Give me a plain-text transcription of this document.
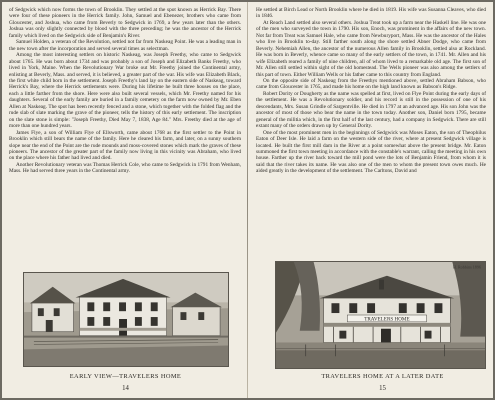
of Sedgwick which now forms the town of Brooklin. They settled at the spot known as Herrick Bay. There were four of these pioneers in the Herrick family. John, Samuel and Ebenezer, brothers who came from Gloucester, and Joshua, who came from Beverly to Sedgwick in 1769, a few years later than the others. Joshua was only slightly connected by blood with the three preceding; he was the ancestor of the Herrick family which lived on the Sedgwick side of Benjamin's River.

Samuel Holden, a veteran of the Revolution, settled not far from Naskeag Point. He was a leading man in the new town after the incorporation and served several times as selectman.

Among the most interesting settlers on historic Naskeag, was Joseph Freethy, who came to Sedgwick about 1765. He was born about 1734 and was probably a son of Joseph and Elizabeth Banks Freethy, who lived in York, Maine. When the Revolutionary War broke out Mr. Freethy joined the Continental army, enlisting at Beverly, Mass. and served, it is believed, a greater part of the war. His wife was Elizabeth Black, the first white child born in the settlement. Joseph Freethy's land lay on the eastern side of Naskeag, toward Herrick's Bay, where the Herrick settlements were. During his lifetime he built three houses on the place, each a little farther from the shore. Here were also built several vessels, which Mr. Freethy named for his daughters. Several of the early family are buried in a family cemetery on the farm now owned by Mr. Eben Allen at Naskeag. The spot has been recently fenced and a stone, which together with the folded flag and the rude slab of slate marking the grave of the pioneer, tells the history of this early settlement. The inscription on the slate stone is simple: "Joseph Freethy, Died May 7, 1838, Age 84." Mrs. Freethy died at the age of more than one hundred years.

James Flye, a son of William Flye of Ellsworth, came about 1768 as the first settler to the Point in Brooklin which still bears the name of the family. Here he cleared his farm, and later, on a sunny southern slope near the end of the Point are the rude mounds and moss-covered stones which mark the graves of these pioneers. The ancestor of the greater part of the family now living in this vicinity was Abraham, who lived on the place where his father had lived and died.

Another Revolutionary veteran was Thomas Herrick Cole, who came to Sedgwick in 1791 from Wenham, Mass. He had served three years in the Continental army.

EARLY VIEW—TRAVELERS HOME
14

He settled at Birch Lead or North Brooklin where he died in 1819. His wife was Susanna Cleaves, who died in 1846.

At Reach Land settled also several others. Joshua Treat took up a farm near the Haskell line. He was one of the men who surveyed the town in 1790. His son, Enoch, was prominent in the affairs of the new town. Not far from Treat was Samuel Hale, who came from Newburyport, Mass. He was the ancestor of the Hales who live in Brooklin to-day. Still farther south along the shore settled Abner Dodge, who came from Beverly. Nehemiah Allen, the ancestor of the numerous Allen family in Brooklin, settled also at Rockland. He was born in Beverly, whence came so many of the early settlers of the town, in 1741. Mr. Allen and his wife Elizabeth reared a family of nine children, all of whom lived to a remarkable old age. The first son of Mr. Allen still settled within sight of the old homestead. The Wells pioneer was also among the settlers of this part of town. Either William Wells or his father came to this country from England.

On the opposite side of Naskeag from the Freethys mentioned above, settled Abraham Babson, who came from Gloucester in 1765, and made his home on the high land known as Babson's Ridge.

Robert Dority or Dougherty as the name was spelled at first, lived on Flye Point during the early days of the settlement. He was a Revolutionary soldier, and his record is still in the possession of one of his descendants, Mrs. Susan Grindle of Sargentville. He died in 1797 at an advanced age. His son John was the ancestor of most of those who bear the name in the town today. Another son, Daniel born 1795, became general of the militia which, in the first half of the last century, had a company in Sedgwick. There are still extant many of the orders drawn up by General Dority.

One of the most prominent men in the beginnings of Sedgwick was Moses Eaton, the son of Theophilus Eaton of Deer Isle. He laid a farm on the western side of the river, where at present Sedgwick village is located. He built the first mill dam in the River at a point somewhat above the present bridge. Mr. Eaton summoned the first town meeting in accordance with the constable's warrant, calling the meeting in his own house. Farther up the river back toward the mill pond were the lots of Benjamin Friend, from whom it is said that the river takes its name. He was also one of the men to whom the present town owes much. He aided greatly in the development of the settlement. The Carltons, David and

TRAVELERS HOME
H. Robbins 1896
TRAVELERS HOME AT A LATER DATE
15
